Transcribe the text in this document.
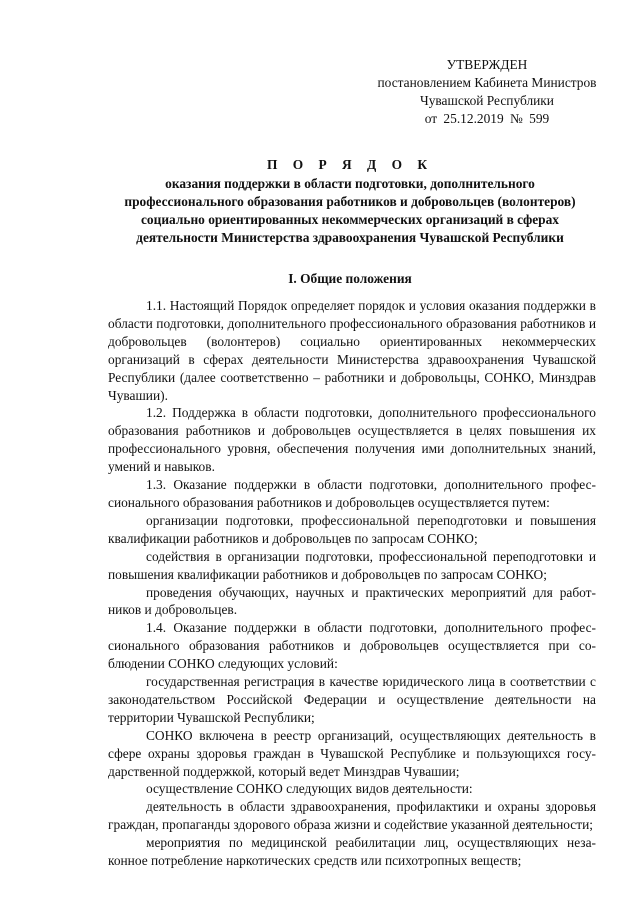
УТВЕРЖДЕН
постановлением Кабинета Министров
Чувашской Республики
от 25.12.2019 № 599
П О Р Я Д О К
оказания поддержки в области подготовки, дополнительного
профессионального образования работников и добровольцев (волонтеров)
социально ориентированных некоммерческих организаций в сферах
деятельности Министерства здравоохранения Чувашской Республики
I. Общие положения

1.1. Настоящий Порядок определяет порядок и условия оказания поддержки в области подготовки, дополнительного профессионального образования работников и добровольцев (волонтеров) социально ориентированных некоммерческих организаций в сферах деятельности Министерства здравоохранения Чувашской Республики (далее соответственно – работники и добровольцы, СОНКО, Минздрав Чувашии).

1.2. Поддержка в области подготовки, дополнительного профессионального образования работников и добровольцев осуществляется в целях повышения их профессионального уровня, обеспечения получения ими дополнительных знаний, умений и навыков.

1.3. Оказание поддержки в области подготовки, дополнительного профессионального образования работников и добровольцев осуществляется путем:

организации подготовки, профессиональной переподготовки и повышения квалификации работников и добровольцев по запросам СОНКО;

содействия в организации подготовки, профессиональной переподготовки и повышения квалификации работников и добровольцев по запросам СОНКО;

проведения обучающих, научных и практических мероприятий для работников и добровольцев.

1.4. Оказание поддержки в области подготовки, дополнительного профессионального образования работников и добровольцев осуществляется при соблюдении СОНКО следующих условий:

государственная регистрация в качестве юридического лица в соответствии с законодательством Российской Федерации и осуществление деятельности на территории Чувашской Республики;

СОНКО включена в реестр организаций, осуществляющих деятельность в сфере охраны здоровья граждан в Чувашской Республике и пользующихся государственной поддержкой, который ведет Минздрав Чувашии;

осуществление СОНКО следующих видов деятельности:

деятельность в области здравоохранения, профилактики и охраны здоровья граждан, пропаганды здорового образа жизни и содействие указанной деятельности;

мероприятия по медицинской реабилитации лиц, осуществляющих незаконное потребление наркотических средств или психотропных веществ;
